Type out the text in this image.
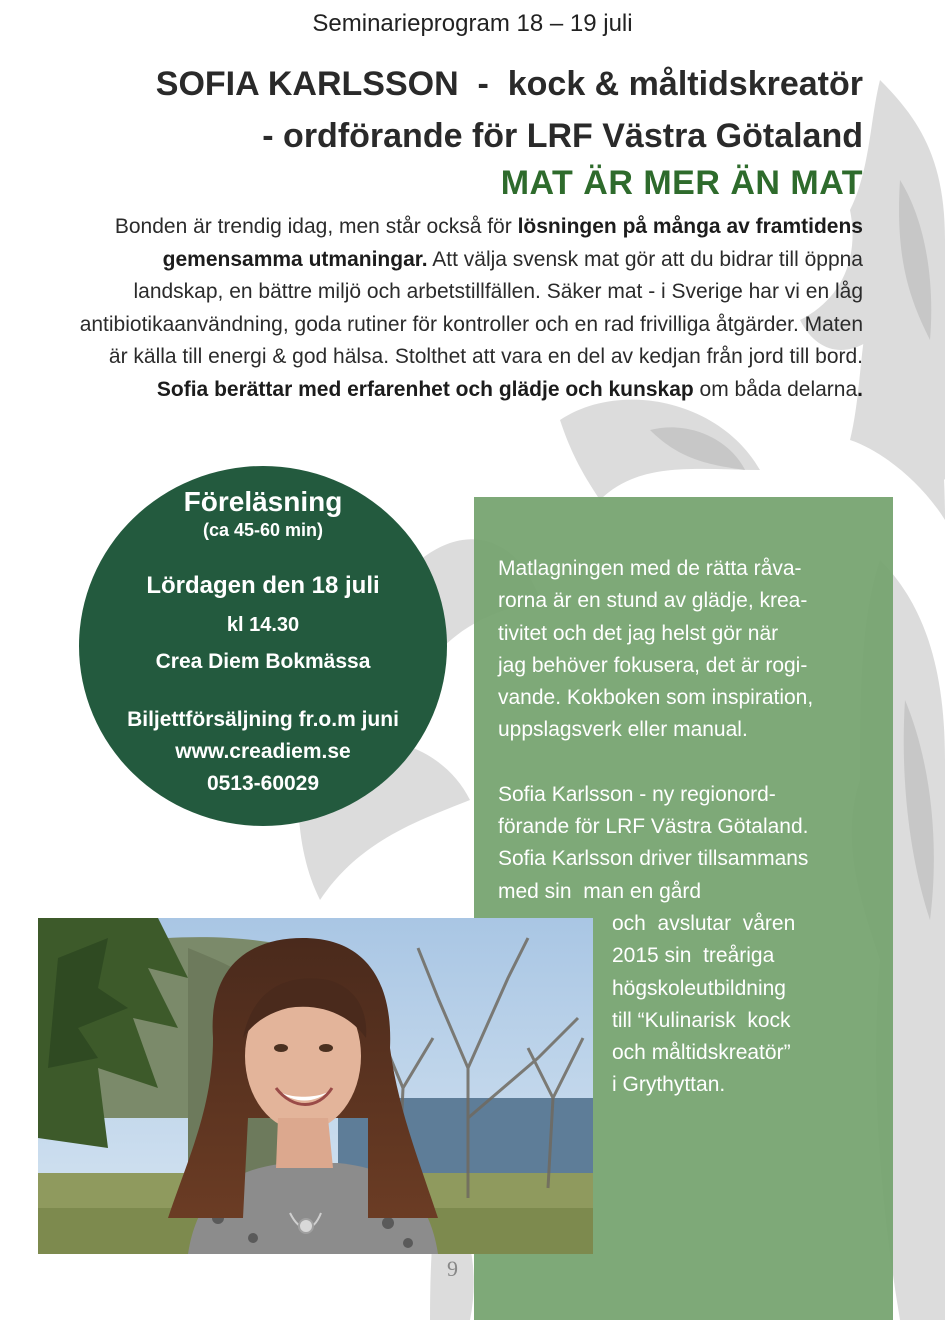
Seminarieprogram 18 – 19 juli
SOFIA KARLSSON  -  kock & måltidskreatör
- ordförande för LRF Västra Götaland
MAT ÄR MER ÄN MAT
Bonden är trendig idag, men står också för lösningen på många av framtidens gemensamma utmaningar. Att välja svensk mat gör att du bidrar till öppna landskap, en bättre miljö och arbetstillfällen. Säker mat - i Sverige har vi en låg antibiotikaanvändning, goda rutiner för kontroller och en rad frivilliga åtgärder. Maten är källa till energi & god hälsa. Stolthet att vara en del av kedjan från jord till bord.
Sofia berättar med erfarenhet och glädje och kunskap om båda delarna.
Föreläsning
(ca 45-60 min)
Lördagen den 18 juli
kl 14.30
Crea Diem Bokmässa
Biljettförsäljning fr.o.m juni
www.creadiem.se
0513-60029

Matlagningen med de rätta råva-
rorna är en stund av glädje, krea-
tivitet och det jag helst gör när
jag behöver fokusera, det är rogi-
vande. Kokboken som inspiration,
uppslagsverk eller manual.

Sofia Karlsson - ny regionord-
förande för LRF Västra Götaland.
Sofia Karlsson driver tillsammans
med sin  man en gård

och  avslutar  våren
2015 sin  treåriga
högskoleutbildning
till “Kulinarisk  kock
och måltidskreatör”
i Grythyttan.

9
